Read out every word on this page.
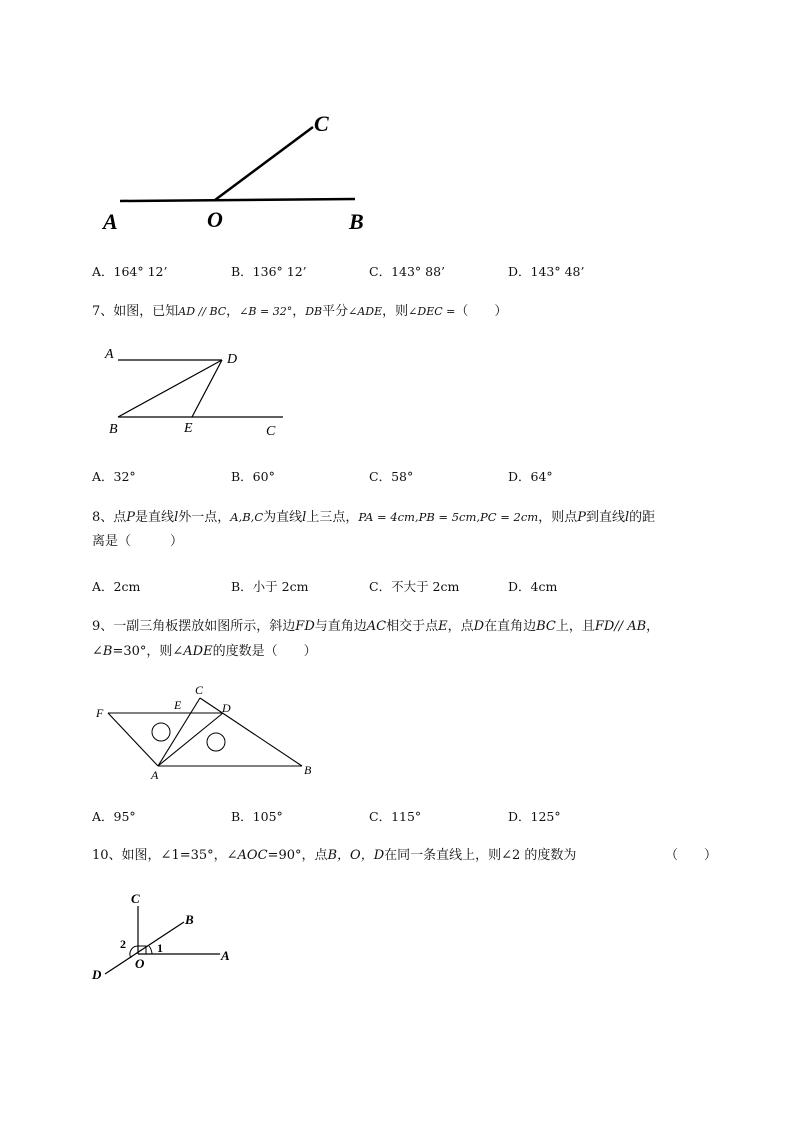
A	O	B
C
A．164° 12’	B．136° 12’	C．143° 88’	D．143° 48’
7、如图，已知AD // BC，∠B = 32°，DB平分∠ADE，则∠DEC =（　　）
A	D
B	E	C
A．32°	B．60°	C．58°	D．64°
8、点P是直线l外一点，A,B,C为直线l上三点，PA = 4cm,PB = 5cm,PC = 2cm，则点P到直线l的距
离是（　　　）
A．2cm	B．小于 2cm	C．不大于 2cm	D．4cm
9、一副三角板摆放如图所示，斜边FD与直角边AC相交于点E，点D在直角边BC上，且FD// AB，
∠B=30°，则∠ADE的度数是（　　）
F
E
C
D
A	B
A．95°	B．105°	C．115°	D．125°
10、如图，∠1=35°，∠AOC=90°，点B，O，D在同一条直线上，则∠2 的度数为	（　　）
C
B
A
O
D
1
2
